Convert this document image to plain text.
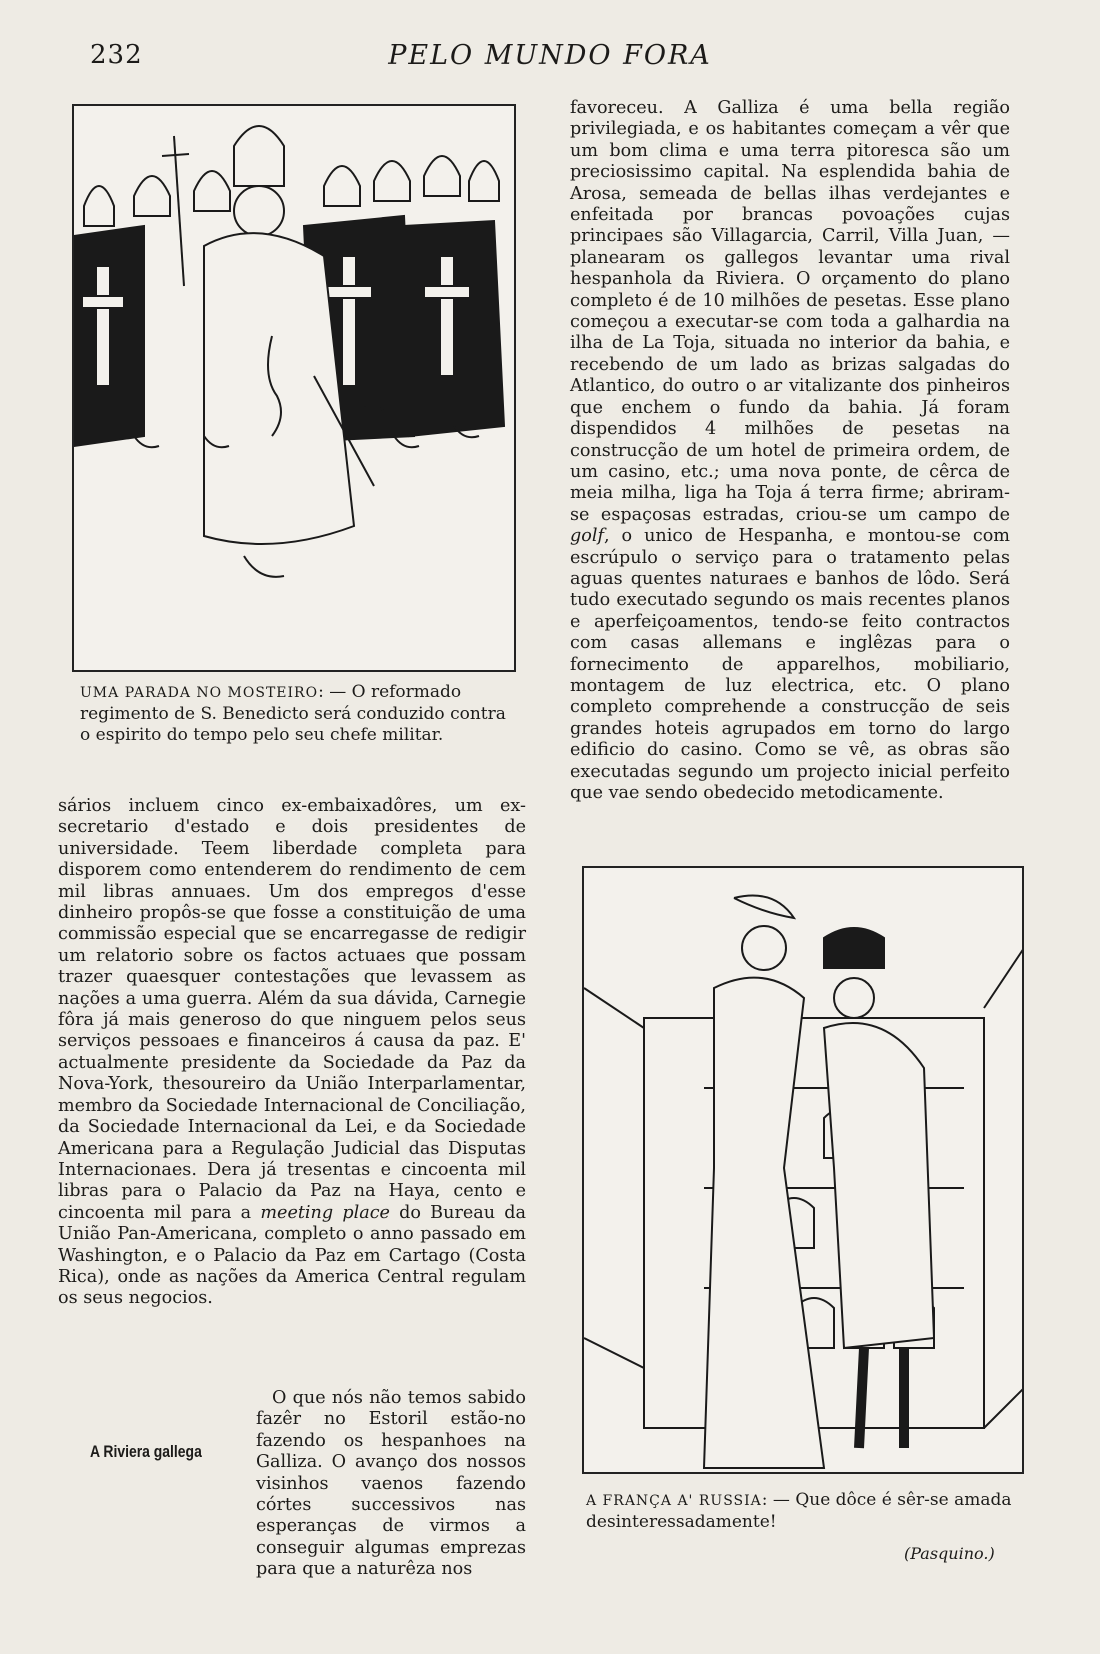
232	PELO MUNDO FORA
UMA PARADA NO MOSTEIRO: — O reformado regimento de S. Benedicto será conduzido contra o espirito do tempo pelo seu chefe militar.

sários incluem cinco ex-embaixadôres, um ex-secretario d'estado e dois presidentes de universidade. Teem liberdade completa para disporem como entenderem do rendimento de cem mil libras annuaes. Um dos empregos d'esse dinheiro propôs-se que fosse a constituição de uma commissão especial que se encarregasse de redigir um relatorio sobre os factos actuaes que possam trazer quaesquer contestações que levassem as nações a uma guerra. Além da sua dávida, Carnegie fôra já mais generoso do que ninguem pelos seus serviços pessoaes e financeiros á causa da paz. E' actualmente presidente da Sociedade da Paz da Nova-York, thesoureiro da União Interparlamentar, membro da Sociedade Internacional de Conciliação, da Sociedade Internacional da Lei, e da Sociedade Americana para a Regulação Judicial das Disputas Internacionaes. Dera já tresentas e cincoenta mil libras para o Palacio da Paz na Haya, cento e cincoenta mil para a meeting place do Bureau da União Pan-Americana, completo o anno passado em Washington, e o Palacio da Paz em Cartago (Costa Rica), onde as nações da America Central regulam os seus negocios.

A Riviera gallega

O que nós não temos sabido fazêr no Estoril estão-no fazendo os hespanhoes na Galliza. O avanço dos nossos visinhos vaenos fazendo córtes successivos nas esperanças de virmos a conseguir algumas emprezas para que a naturêza nos

favoreceu. A Galliza é uma bella região privilegiada, e os habitantes começam a vêr que um bom clima e uma terra pitoresca são um preciosissimo capital. Na esplendida bahia de Arosa, semeada de bellas ilhas verdejantes e enfeitada por brancas povoações cujas principaes são Villagarcia, Carril, Villa Juan, — planearam os gallegos levantar uma rival hespanhola da Riviera. O orçamento do plano completo é de 10 milhões de pesetas. Esse plano começou a executar-se com toda a galhardia na ilha de La Toja, situada no interior da bahia, e recebendo de um lado as brizas salgadas do Atlantico, do outro o ar vitalizante dos pinheiros que enchem o fundo da bahia. Já foram dispendidos 4 milhões de pesetas na construcção de um hotel de primeira ordem, de um casino, etc.; uma nova ponte, de cêrca de meia milha, liga ha Toja á terra firme; abriram-se espaçosas estradas, criou-se um campo de golf, o unico de Hespanha, e montou-se com escrúpulo o serviço para o tratamento pelas aguas quentes naturaes e banhos de lôdo. Será tudo executado segundo os mais recentes planos e aperfeiçoamentos, tendo-se feito contractos com casas allemans e inglêzas para o fornecimento de apparelhos, mobiliario, montagem de luz electrica, etc. O plano completo comprehende a construcção de seis grandes hoteis agrupados em torno do largo edificio do casino. Como se vê, as obras são executadas segundo um projecto inicial perfeito que vae sendo obedecido metodicamente.

A FRANÇA A' RUSSIA: — Que dôce é sêr-se amada desinteressadamente!
(Pasquino.)
